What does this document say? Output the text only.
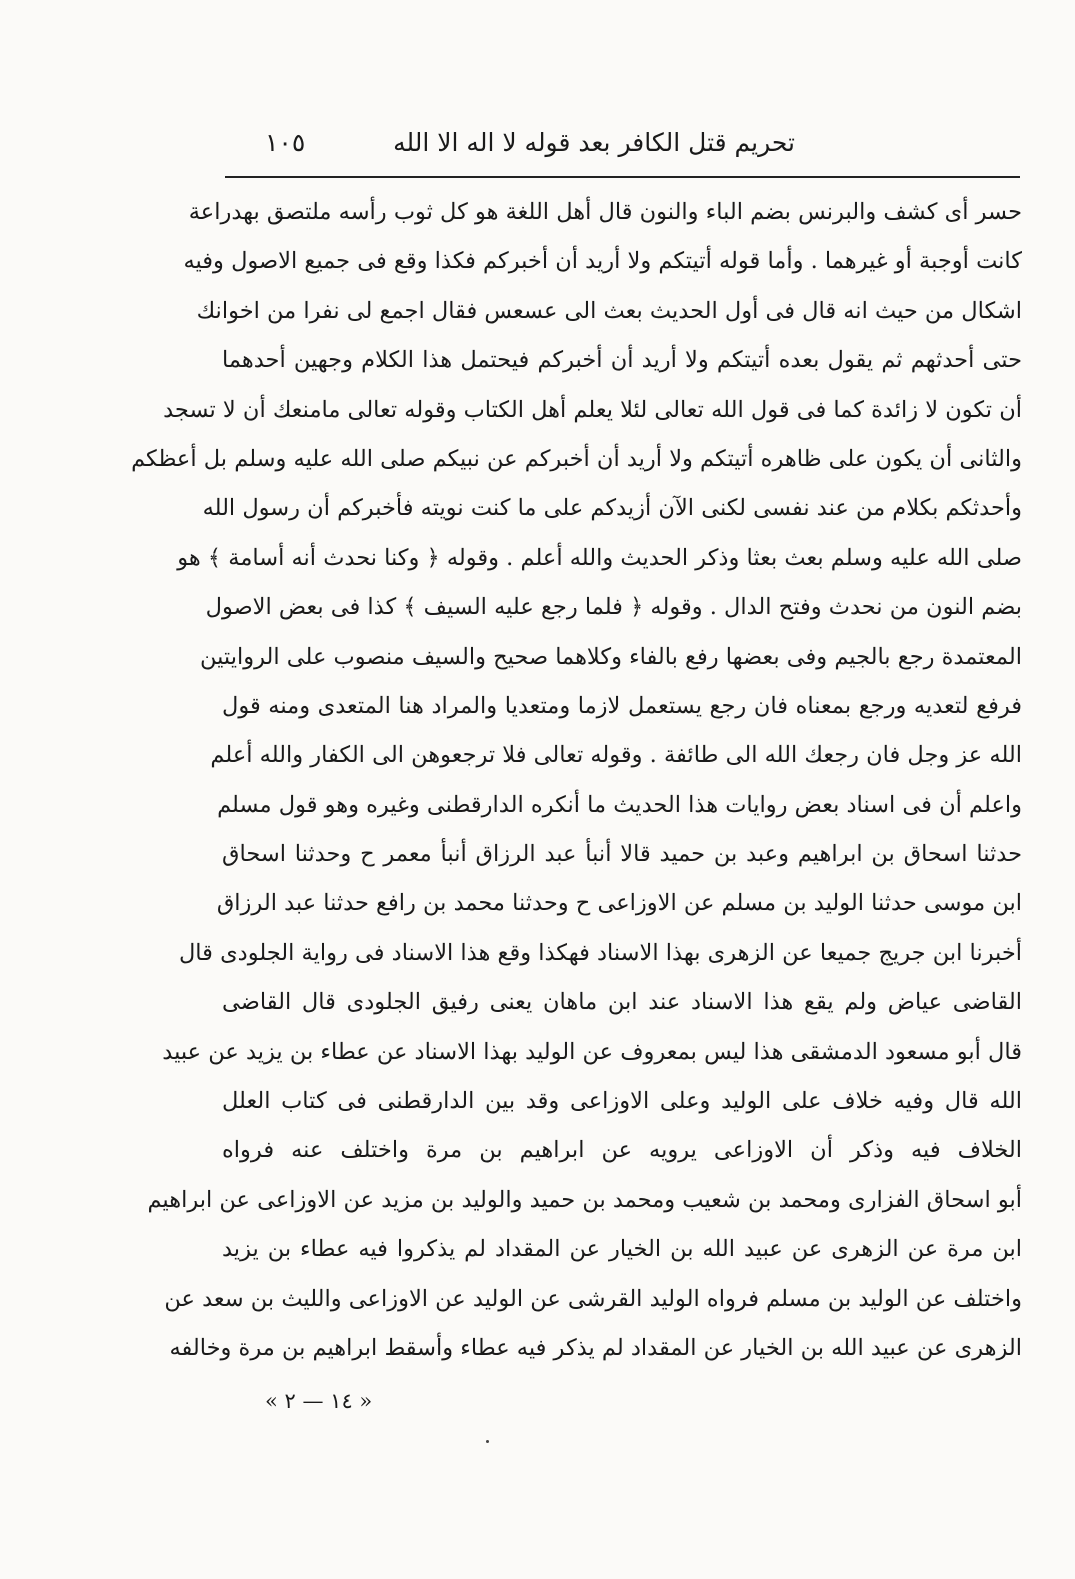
تحريم قتل الكافر بعد قوله لا اله الا الله
١٠٥
حسر أى كشف والبرنس بضم الباء والنون قال أهل اللغة هو كل ثوب رأسه ملتصق بهدراعة
كانت أوجبة أو غيرهما . وأما قوله أتيتكم ولا أريد أن أخبركم فكذا وقع فى جميع الاصول وفيه
اشكال من حيث انه قال فى أول الحديث بعث الى عسعس فقال اجمع لى نفرا من اخوانك
حتى أحدثهم ثم يقول بعده أتيتكم ولا أريد أن أخبركم فيحتمل هذا الكلام وجهين أحدهما
أن تكون لا زائدة كما فى قول الله تعالى لئلا يعلم أهل الكتاب وقوله تعالى مامنعك أن لا تسجد
والثانى أن يكون على ظاهره أتيتكم ولا أريد أن أخبركم عن نبيكم صلى الله عليه وسلم بل أعظكم
وأحدثكم بكلام من عند نفسى لكنى الآن أزيدكم على ما كنت نويته فأخبركم أن رسول الله
صلى الله عليه وسلم بعث بعثا وذكر الحديث والله أعلم . وقوله ﴿ وكنا نحدث أنه أسامة ﴾ هو
بضم النون من نحدث وفتح الدال . وقوله ﴿ فلما رجع عليه السيف ﴾ كذا فى بعض الاصول
المعتمدة رجع بالجيم وفى بعضها رفع بالفاء وكلاهما صحيح والسيف منصوب على الروايتين
فرفع لتعديه ورجع بمعناه فان رجع يستعمل لازما ومتعديا والمراد هنا المتعدى ومنه قول
الله عز وجل فان رجعك الله الى طائفة . وقوله تعالى فلا ترجعوهن الى الكفار والله أعلم
واعلم أن فى اسناد بعض روايات هذا الحديث ما أنكره الدارقطنى وغيره وهو قول مسلم
حدثنا اسحاق بن ابراهيم وعبد بن حميد قالا أنبأ عبد الرزاق أنبأ معمر ح وحدثنا اسحاق
ابن موسى حدثنا الوليد بن مسلم عن الاوزاعى ح وحدثنا محمد بن رافع حدثنا عبد الرزاق
أخبرنا ابن جريج جميعا عن الزهرى بهذا الاسناد فهكذا وقع هذا الاسناد فى رواية الجلودى قال
القاضى عياض ولم يقع هذا الاسناد عند ابن ماهان يعنى رفيق الجلودى قال القاضى
قال أبو مسعود الدمشقى هذا ليس بمعروف عن الوليد بهذا الاسناد عن عطاء بن يزيد عن عبيد
الله قال وفيه خلاف على الوليد وعلى الاوزاعى وقد بين الدارقطنى فى كتاب العلل
الخلاف فيه وذكر أن الاوزاعى يرويه عن ابراهيم بن مرة واختلف عنه فرواه
أبو اسحاق الفزارى ومحمد بن شعيب ومحمد بن حميد والوليد بن مزيد عن الاوزاعى عن ابراهيم
ابن مرة عن الزهرى عن عبيد الله بن الخيار عن المقداد لم يذكروا فيه عطاء بن يزيد
واختلف عن الوليد بن مسلم فرواه الوليد القرشى عن الوليد عن الاوزاعى والليث بن سعد عن
الزهرى عن عبيد الله بن الخيار عن المقداد لم يذكر فيه عطاء وأسقط ابراهيم بن مرة وخالفه
« ١٤ — ٢ »
